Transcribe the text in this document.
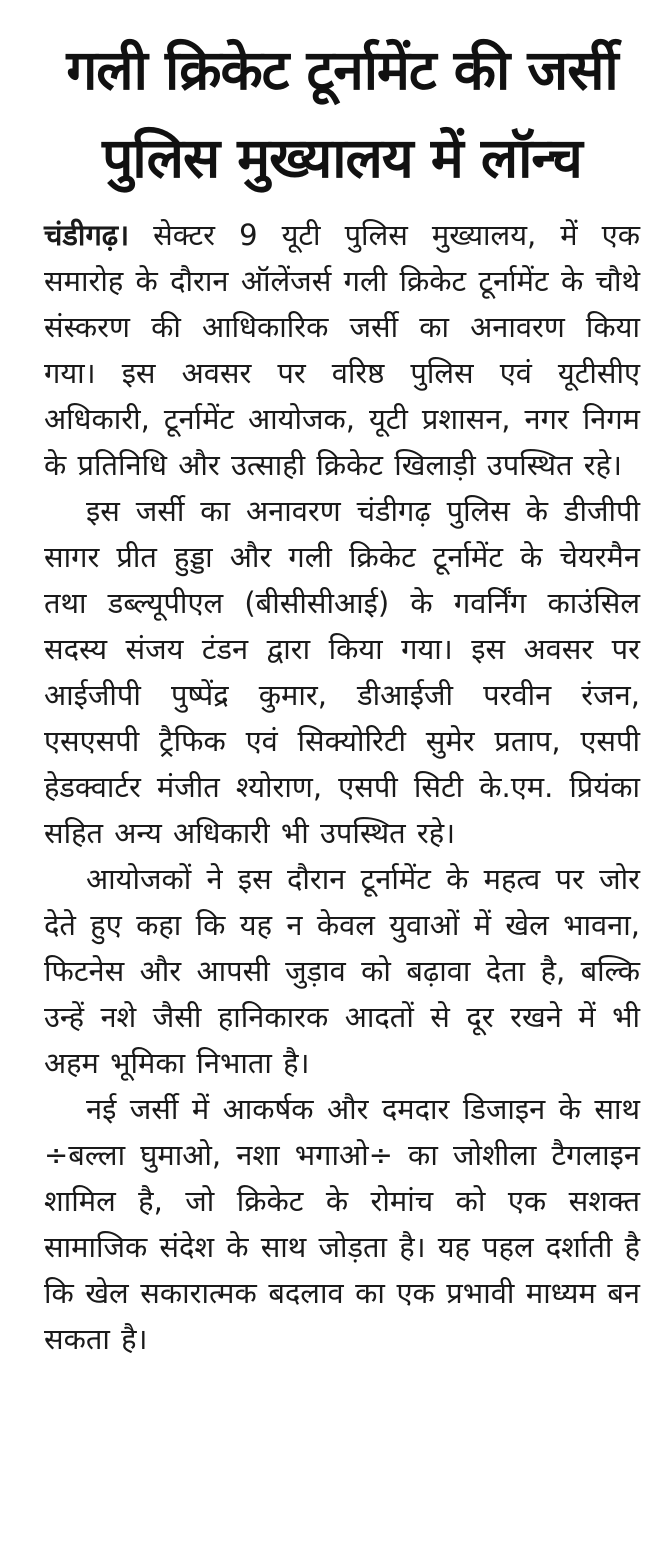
गली क्रिकेट टूर्नामेंट की जर्सी
पुलिस मुख्यालय में लॉन्च

चंडीगढ़। सेक्टर 9 यूटी पुलिस मुख्यालय, में एक समारोह के दौरान ऑलेंजर्स गली क्रिकेट टूर्नामेंट के चौथे संस्करण की आधिकारिक जर्सी का अनावरण किया गया। इस अवसर पर वरिष्ठ पुलिस एवं यूटीसीए अधिकारी, टूर्नामेंट आयोजक, यूटी प्रशासन, नगर निगम के प्रतिनिधि और उत्साही क्रिकेट खिलाड़ी उपस्थित रहे।

इस जर्सी का अनावरण चंडीगढ़ पुलिस के डीजीपी सागर प्रीत हुड्डा और गली क्रिकेट टूर्नामेंट के चेयरमैन तथा डब्ल्यूपीएल (बीसीसीआई) के गवर्निंग काउंसिल सदस्य संजय टंडन द्वारा किया गया। इस अवसर पर आईजीपी पुष्पेंद्र कुमार, डीआईजी परवीन रंजन, एसएसपी ट्रैफिक एवं सिक्योरिटी सुमेर प्रताप, एसपी हेडक्वार्टर मंजीत श्योराण, एसपी सिटी के.एम. प्रियंका सहित अन्य अधिकारी भी उपस्थित रहे।

आयोजकों ने इस दौरान टूर्नामेंट के महत्व पर जोर देते हुए कहा कि यह न केवल युवाओं में खेल भावना, फिटनेस और आपसी जुड़ाव को बढ़ावा देता है, बल्कि उन्हें नशे जैसी हानिकारक आदतों से दूर रखने में भी अहम भूमिका निभाता है।

नई जर्सी में आकर्षक और दमदार डिजाइन के साथ ÷बल्ला घुमाओ, नशा भगाओ÷ का जोशीला टैगलाइन शामिल है, जो क्रिकेट के रोमांच को एक सशक्त सामाजिक संदेश के साथ जोड़ता है। यह पहल दर्शाती है कि खेल सकारात्मक बदलाव का एक प्रभावी माध्यम बन सकता है।
